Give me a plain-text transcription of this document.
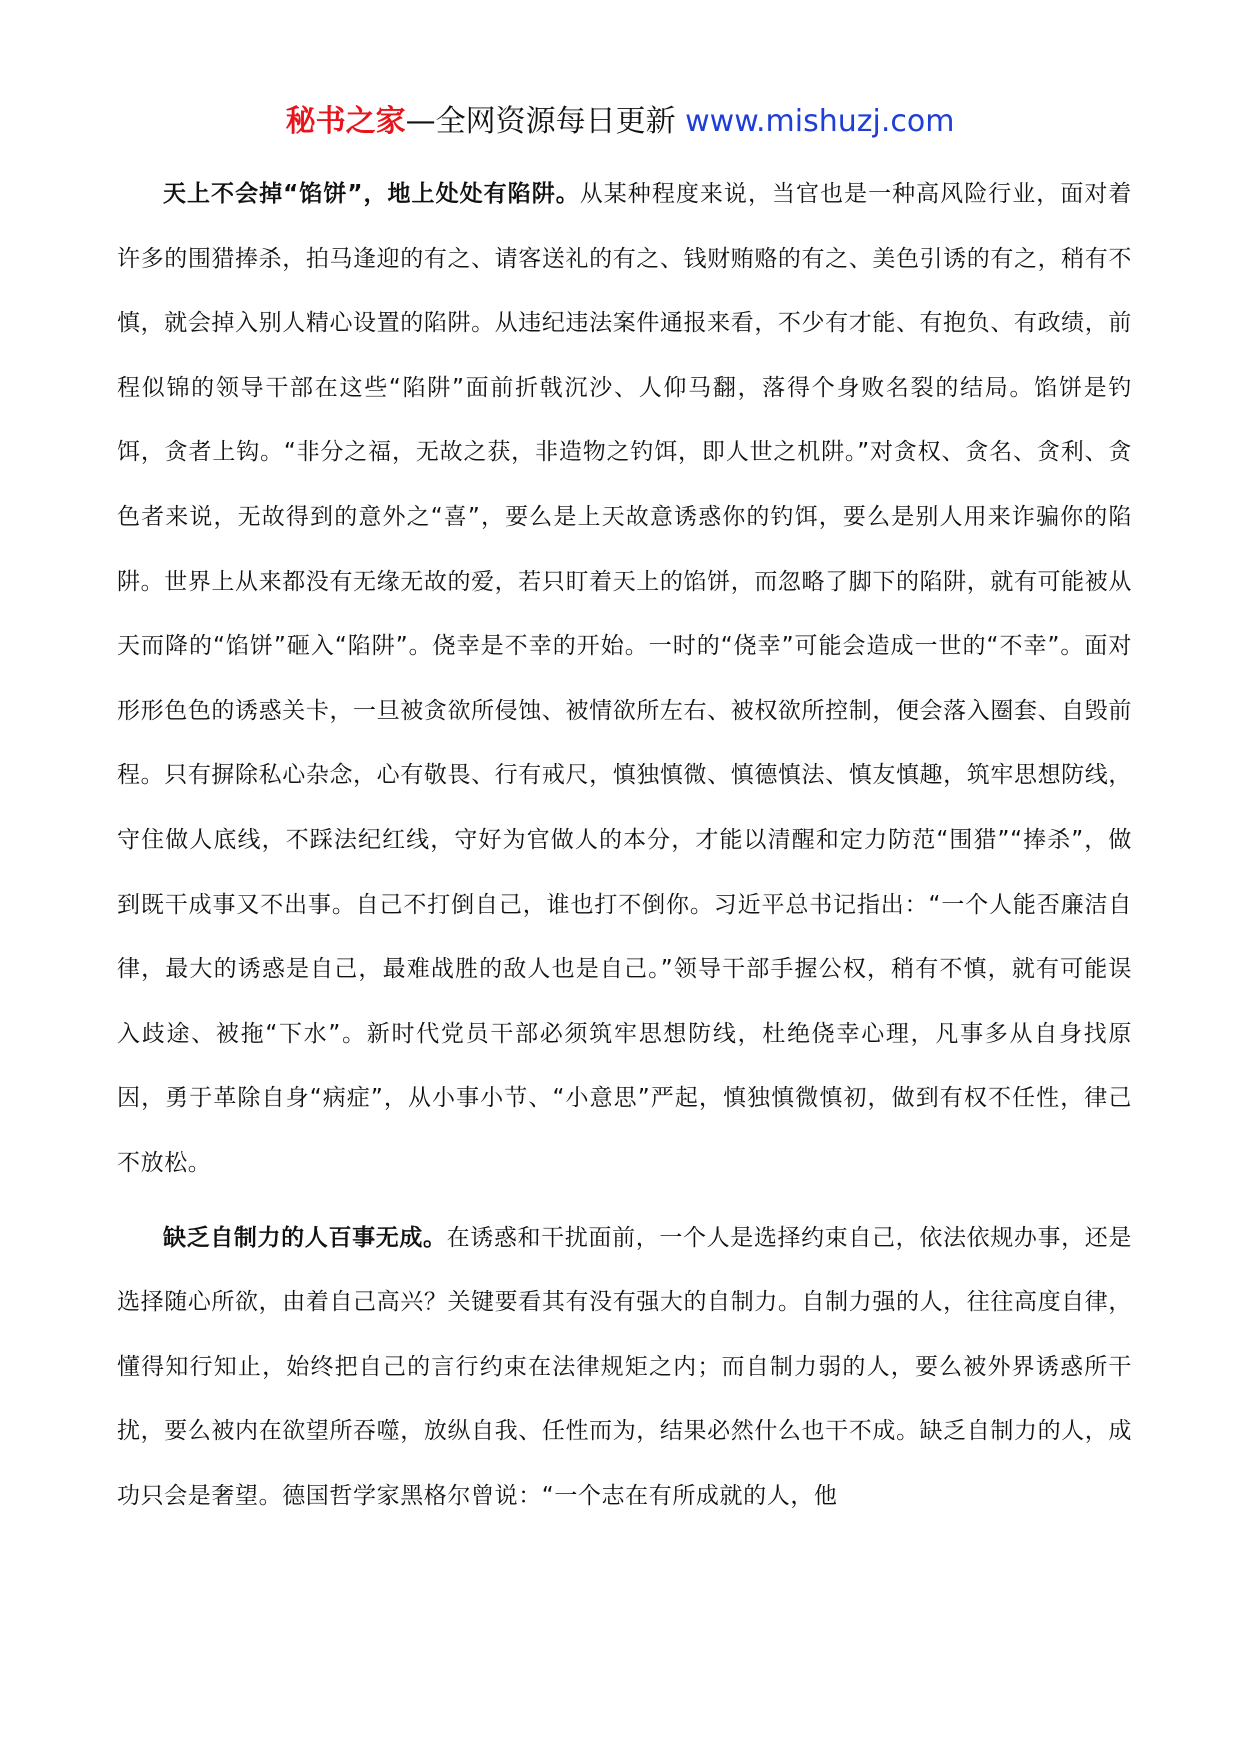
秘书之家—全网资源每日更新 www.mishuzj.com

天上不会掉“馅饼”，地上处处有陷阱。从某种程度来说，当官也是一种高风险行业，面对着许多的围猎捧杀，拍马逢迎的有之、请客送礼的有之、钱财贿赂的有之、美色引诱的有之，稍有不慎，就会掉入别人精心设置的陷阱。从违纪违法案件通报来看，不少有才能、有抱负、有政绩，前程似锦的领导干部在这些“陷阱”面前折戟沉沙、人仰马翻，落得个身败名裂的结局。馅饼是钓饵，贪者上钩。“非分之福，无故之获，非造物之钓饵，即人世之机阱。”对贪权、贪名、贪利、贪色者来说，无故得到的意外之“喜”，要么是上天故意诱惑你的钓饵，要么是别人用来诈骗你的陷阱。世界上从来都没有无缘无故的爱，若只盯着天上的馅饼，而忽略了脚下的陷阱，就有可能被从天而降的“馅饼”砸入“陷阱”。侥幸是不幸的开始。一时的“侥幸”可能会造成一世的“不幸”。面对形形色色的诱惑关卡，一旦被贪欲所侵蚀、被情欲所左右、被权欲所控制，便会落入圈套、自毁前程。只有摒除私心杂念，心有敬畏、行有戒尺，慎独慎微、慎德慎法、慎友慎趣，筑牢思想防线，守住做人底线，不踩法纪红线，守好为官做人的本分，才能以清醒和定力防范“围猎”“捧杀”，做到既干成事又不出事。自己不打倒自己，谁也打不倒你。习近平总书记指出：“一个人能否廉洁自律，最大的诱惑是自己，最难战胜的敌人也是自己。”领导干部手握公权，稍有不慎，就有可能误入歧途、被拖“下水”。新时代党员干部必须筑牢思想防线，杜绝侥幸心理，凡事多从自身找原因，勇于革除自身“病症”，从小事小节、“小意思”严起，慎独慎微慎初，做到有权不任性，律己不放松。

缺乏自制力的人百事无成。在诱惑和干扰面前，一个人是选择约束自己，依法依规办事，还是选择随心所欲，由着自己高兴？关键要看其有没有强大的自制力。自制力强的人，往往高度自律，懂得知行知止，始终把自己的言行约束在法律规矩之内；而自制力弱的人，要么被外界诱惑所干扰，要么被内在欲望所吞噬，放纵自我、任性而为，结果必然什么也干不成。缺乏自制力的人，成功只会是奢望。德国哲学家黑格尔曾说：“一个志在有所成就的人，他
